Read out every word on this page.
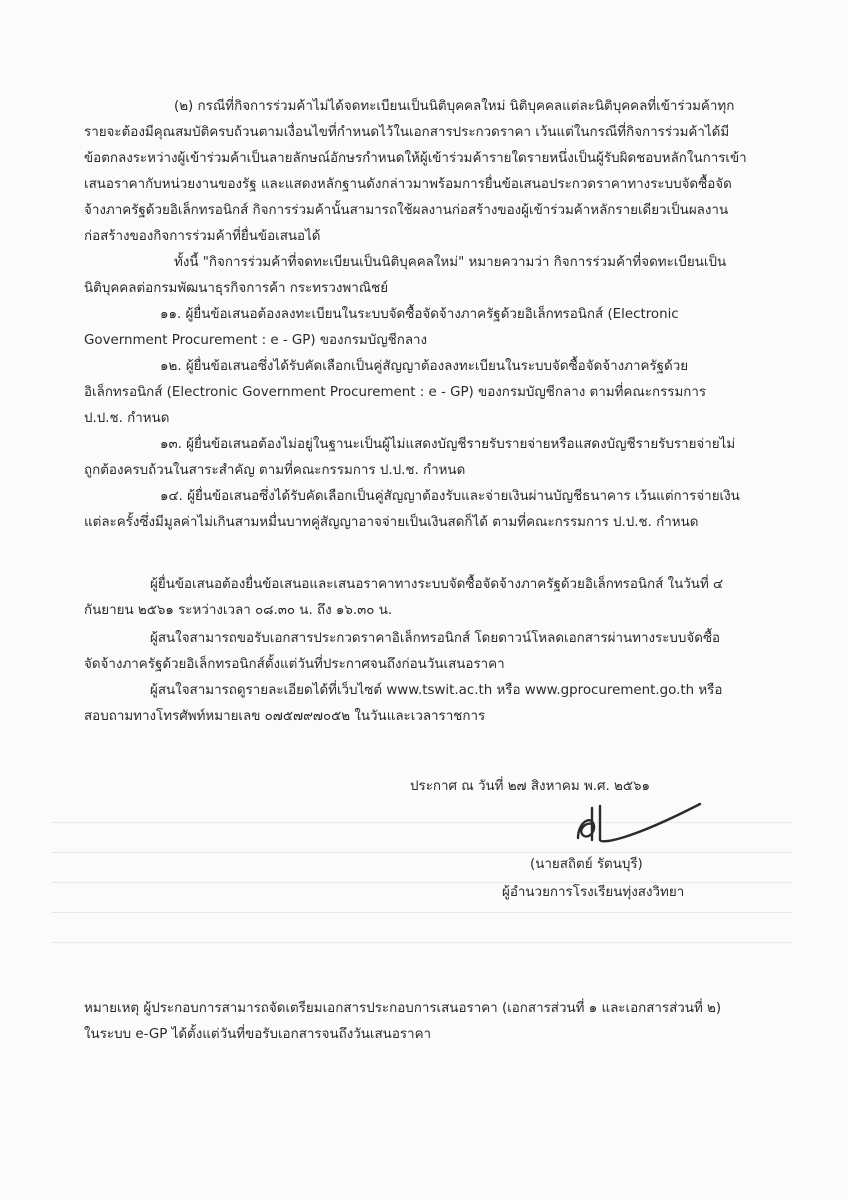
(๒) กรณีที่กิจการร่วมค้าไม่ได้จดทะเบียนเป็นนิติบุคคลใหม่ นิติบุคคลแต่ละนิติบุคคลที่เข้าร่วมค้าทุก
รายจะต้องมีคุณสมบัติครบถ้วนตามเงื่อนไขที่กำหนดไว้ในเอกสารประกวดราคา เว้นแต่ในกรณีที่กิจการร่วมค้าได้มี
ข้อตกลงระหว่างผู้เข้าร่วมค้าเป็นลายลักษณ์อักษรกำหนดให้ผู้เข้าร่วมค้ารายใดรายหนึ่งเป็นผู้รับผิดชอบหลักในการเข้า
เสนอราคากับหน่วยงานของรัฐ และแสดงหลักฐานดังกล่าวมาพร้อมการยื่นข้อเสนอประกวดราคาทางระบบจัดซื้อจัด
จ้างภาครัฐด้วยอิเล็กทรอนิกส์ กิจการร่วมค้านั้นสามารถใช้ผลงานก่อสร้างของผู้เข้าร่วมค้าหลักรายเดียวเป็นผลงาน
ก่อสร้างของกิจการร่วมค้าที่ยื่นข้อเสนอได้
ทั้งนี้ "กิจการร่วมค้าที่จดทะเบียนเป็นนิติบุคคลใหม่" หมายความว่า กิจการร่วมค้าที่จดทะเบียนเป็น
นิติบุคคลต่อกรมพัฒนาธุรกิจการค้า กระทรวงพาณิชย์
๑๑. ผู้ยื่นข้อเสนอต้องลงทะเบียนในระบบจัดซื้อจัดจ้างภาครัฐด้วยอิเล็กทรอนิกส์ (Electronic
Government Procurement : e - GP) ของกรมบัญชีกลาง
๑๒. ผู้ยื่นข้อเสนอซึ่งได้รับคัดเลือกเป็นคู่สัญญาต้องลงทะเบียนในระบบจัดซื้อจัดจ้างภาครัฐด้วย
อิเล็กทรอนิกส์ (Electronic Government Procurement : e - GP) ของกรมบัญชีกลาง ตามที่คณะกรรมการ
ป.ป.ช. กำหนด
๑๓. ผู้ยื่นข้อเสนอต้องไม่อยู่ในฐานะเป็นผู้ไม่แสดงบัญชีรายรับรายจ่ายหรือแสดงบัญชีรายรับรายจ่ายไม่
ถูกต้องครบถ้วนในสาระสำคัญ ตามที่คณะกรรมการ ป.ป.ช. กำหนด
๑๔. ผู้ยื่นข้อเสนอซึ่งได้รับคัดเลือกเป็นคู่สัญญาต้องรับและจ่ายเงินผ่านบัญชีธนาคาร เว้นแต่การจ่ายเงิน
แต่ละครั้งซึ่งมีมูลค่าไม่เกินสามหมื่นบาทคู่สัญญาอาจจ่ายเป็นเงินสดก็ได้ ตามที่คณะกรรมการ ป.ป.ช. กำหนด
ผู้ยื่นข้อเสนอต้องยื่นข้อเสนอและเสนอราคาทางระบบจัดซื้อจัดจ้างภาครัฐด้วยอิเล็กทรอนิกส์ ในวันที่ ๔
กันยายน ๒๕๖๑ ระหว่างเวลา ๐๘.๓๐ น. ถึง ๑๖.๓๐ น.
ผู้สนใจสามารถขอรับเอกสารประกวดราคาอิเล็กทรอนิกส์ โดยดาวน์โหลดเอกสารผ่านทางระบบจัดซื้อ
จัดจ้างภาครัฐด้วยอิเล็กทรอนิกส์ตั้งแต่วันที่ประกาศจนถึงก่อนวันเสนอราคา
ผู้สนใจสามารถดูรายละเอียดได้ที่เว็บไซต์ www.tswit.ac.th หรือ www.gprocurement.go.th หรือ
สอบถามทางโทรศัพท์หมายเลข ๐๗๕๗๙๗๐๕๒ ในวันและเวลาราชการ
ประกาศ ณ วันที่ ๒๗ สิงหาคม พ.ศ. ๒๕๖๑
(นายสถิตย์ รัตนบุรี)
ผู้อำนวยการโรงเรียนทุ่งสงวิทยา
หมายเหตุ ผู้ประกอบการสามารถจัดเตรียมเอกสารประกอบการเสนอราคา (เอกสารส่วนที่ ๑ และเอกสารส่วนที่ ๒)
ในระบบ e-GP ได้ตั้งแต่วันที่ขอรับเอกสารจนถึงวันเสนอราคา
